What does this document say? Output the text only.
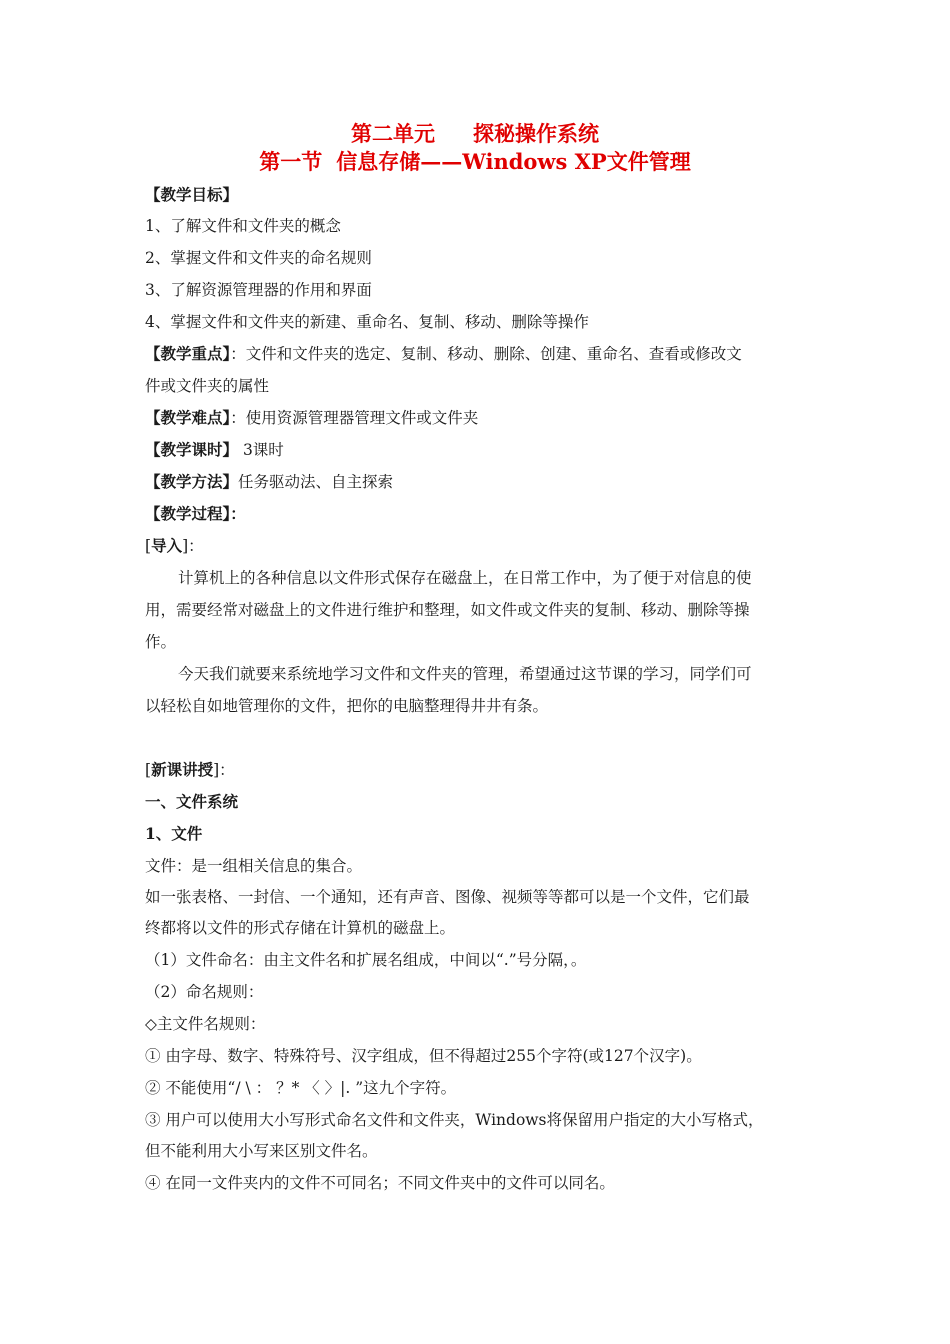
第二单元 探秘操作系统
第一节 信息存储——Windows XP文件管理
【教学目标】
1、了解文件和文件夹的概念
2、掌握文件和文件夹的命名规则
3、了解资源管理器的作用和界面
4、掌握文件和文件夹的新建、重命名、复制、移动、删除等操作
【教学重点】：文件和文件夹的选定、复制、移动、删除、创建、重命名、查看或修改文
件或文件夹的属性
【教学难点】：使用资源管理器管理文件或文件夹
【教学课时】 3课时
【教学方法】任务驱动法、自主探索
【教学过程】：
[导入]：
计算机上的各种信息以文件形式保存在磁盘上，在日常工作中，为了便于对信息的使
用，需要经常对磁盘上的文件进行维护和整理，如文件或文件夹的复制、移动、删除等操
作。
今天我们就要来系统地学习文件和文件夹的管理，希望通过这节课的学习，同学们可
以轻松自如地管理你的文件，把你的电脑整理得井井有条。
[新课讲授]：
一、文件系统
1、文件
文件：是一组相关信息的集合。
如一张表格、一封信、一个通知，还有声音、图像、视频等等都可以是一个文件，它们最
终都将以文件的形式存储在计算机的磁盘上。
（1）文件命名：由主文件名和扩展名组成，中间以“.”号分隔，。
（2）命名规则：
◇主文件名规则：
① 由字母、数字、特殊符号、汉字组成，但不得超过255个字符(或127个汉字)。
② 不能使用“/ \ ： ？* 〈 〉|. ”这九个字符。
③ 用户可以使用大小写形式命名文件和文件夹，Windows将保留用户指定的大小写格式，
但不能利用大小写来区别文件名。
④ 在同一文件夹内的文件不可同名；不同文件夹中的文件可以同名。
